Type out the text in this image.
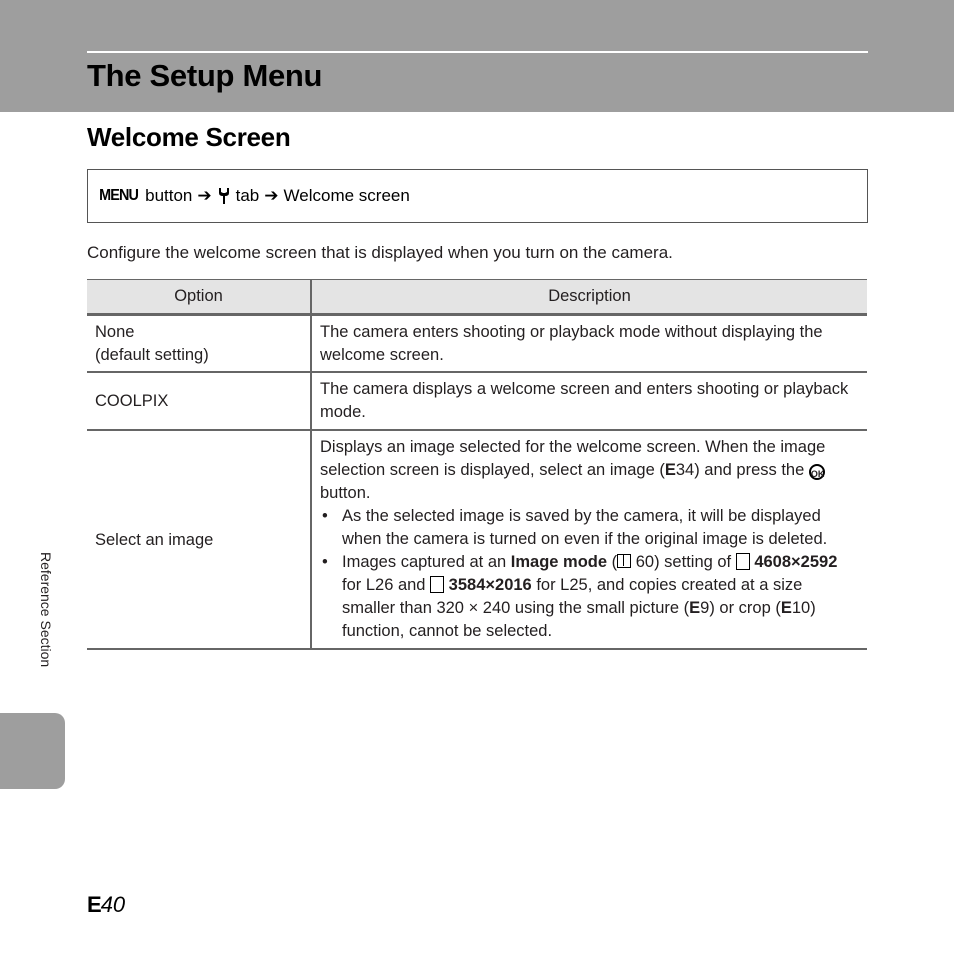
The Setup Menu
Welcome Screen
MENU button ➔ tab ➔ Welcome screen

Configure the welcome screen that is displayed when you turn on the camera.

Option	Description

None
(default setting)	The camera enters shooting or playback mode without displaying the welcome screen.
COOLPIX	The camera displays a welcome screen and enters shooting or playback mode.
Select an image	Displays an image selected for the welcome screen. When the image selection screen is displayed, select an image (E34) and press the OK button.
• As the selected image is saved by the camera, it will be displayed when the camera is turned on even if the original image is deleted.
• Images captured at an Image mode ( 60) setting of 4608×2592 for L26 and 3584×2016 for L25, and copies created at a size smaller than 320 × 240 using the small picture (E9) or crop (E10) function, cannot be selected.
Reference Section
E 40
